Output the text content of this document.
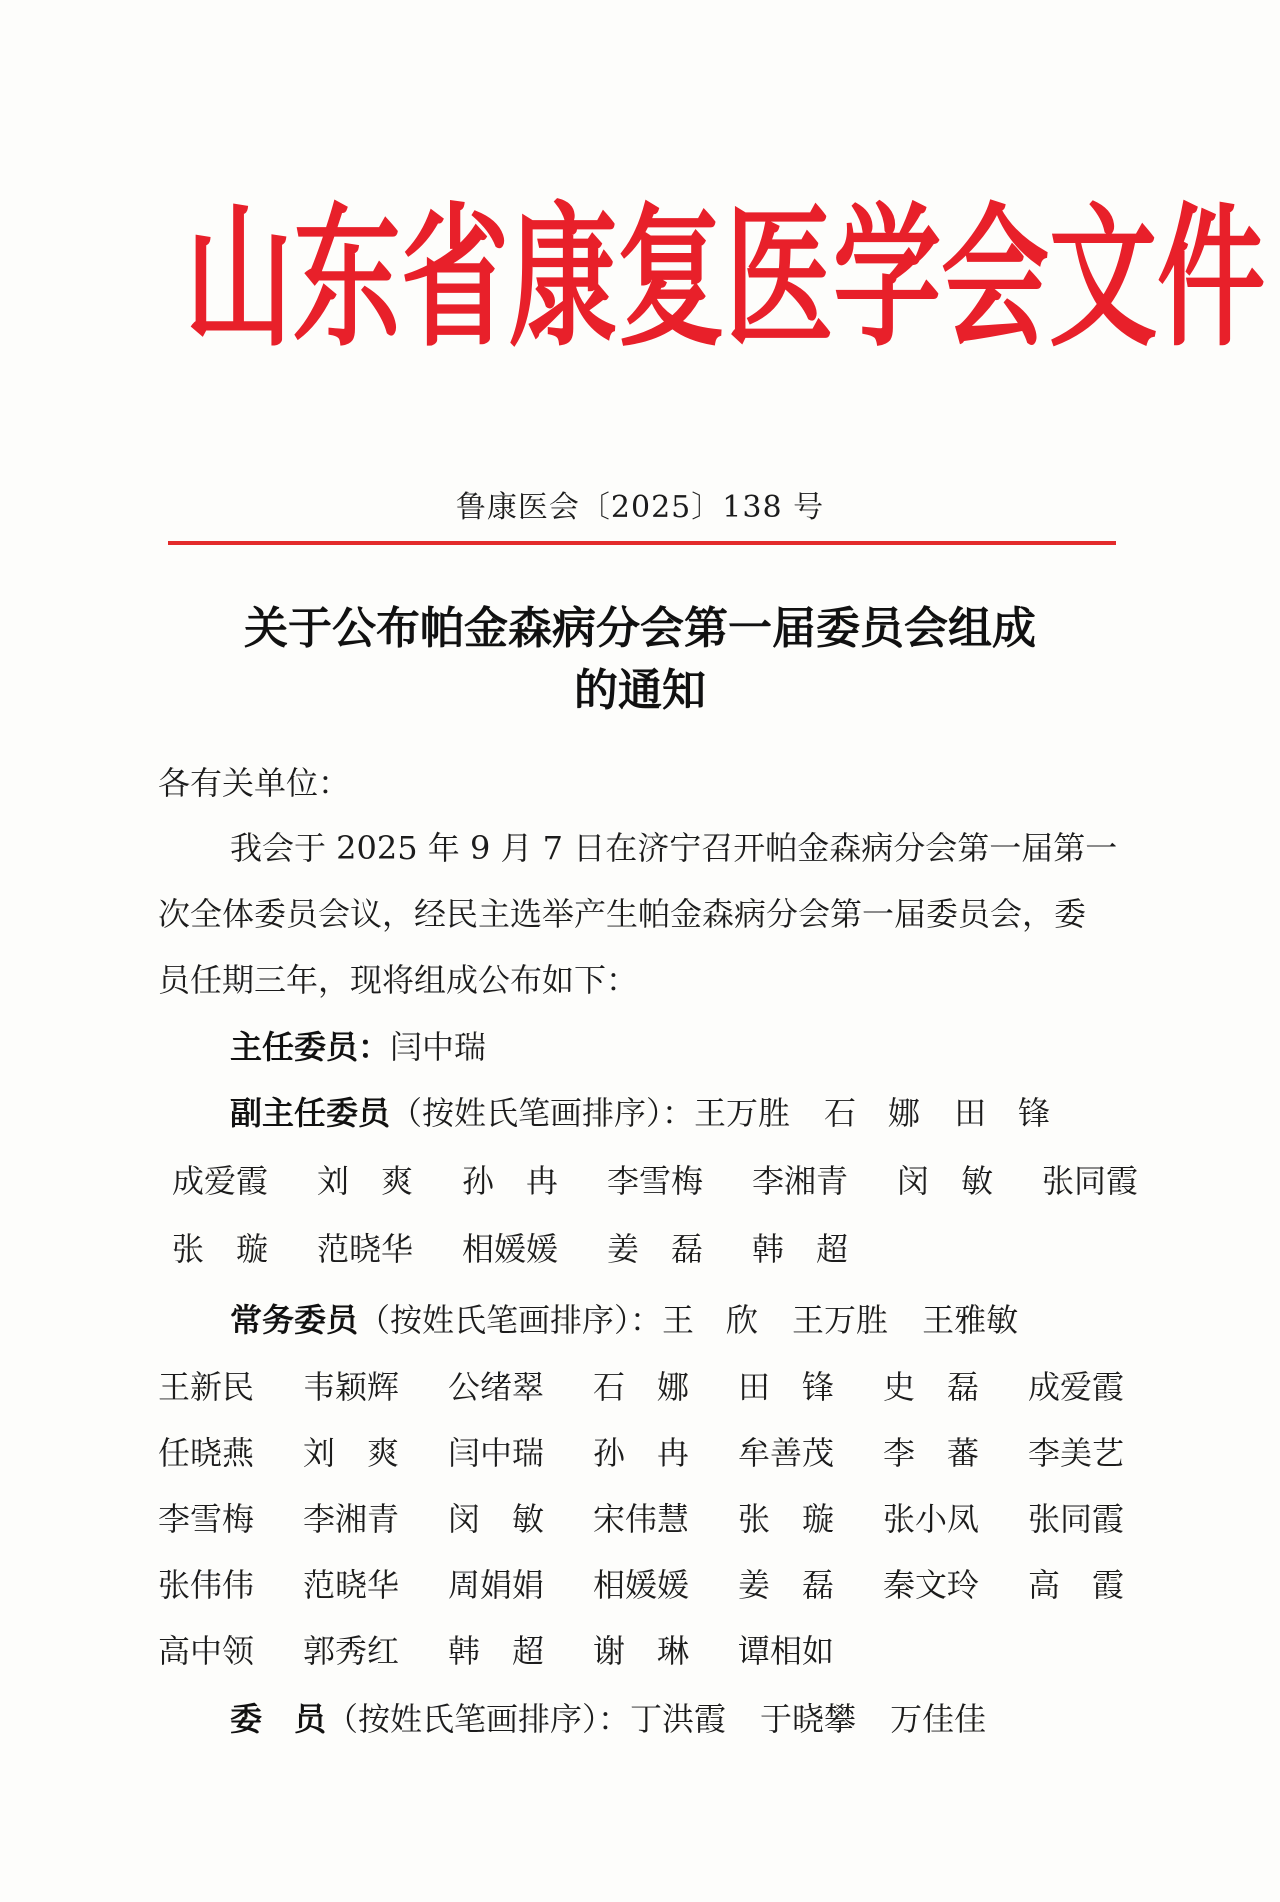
山 东 省 康 复 医 学 会 文 件
鲁康医会〔2025〕138 号
关于公布帕金森病分会第一届委员会组成
的通知
各有关单位：
我会于 2025 年 9 月 7 日在济宁召开帕金森病分会第一届第一
次全体委员会议，经民主选举产生帕金森病分会第一届委员会，委
员任期三年，现将组成公布如下：
主任委员：闫中瑞
副主任委员（按姓氏笔画排序）：王万胜 石　娜 田　锋
成爱霞	刘　爽	孙　冉	李雪梅	李湘青	闵　敏	张同霞
张　璇	范晓华	相媛媛	姜　磊	韩　超
常务委员（按姓氏笔画排序）：王　欣 王万胜 王雅敏
王新民	韦颖辉	公绪翠	石　娜	田　锋	史　磊	成爱霞
任晓燕	刘　爽	闫中瑞	孙　冉	牟善茂	李　蕃	李美艺
李雪梅	李湘青	闵　敏	宋伟慧	张　璇	张小凤	张同霞
张伟伟	范晓华	周娟娟	相媛媛	姜　磊	秦文玲	高　霞
高中领	郭秀红	韩　超	谢　琳	谭相如
委　员（按姓氏笔画排序）：丁洪霞 于晓攀 万佳佳
